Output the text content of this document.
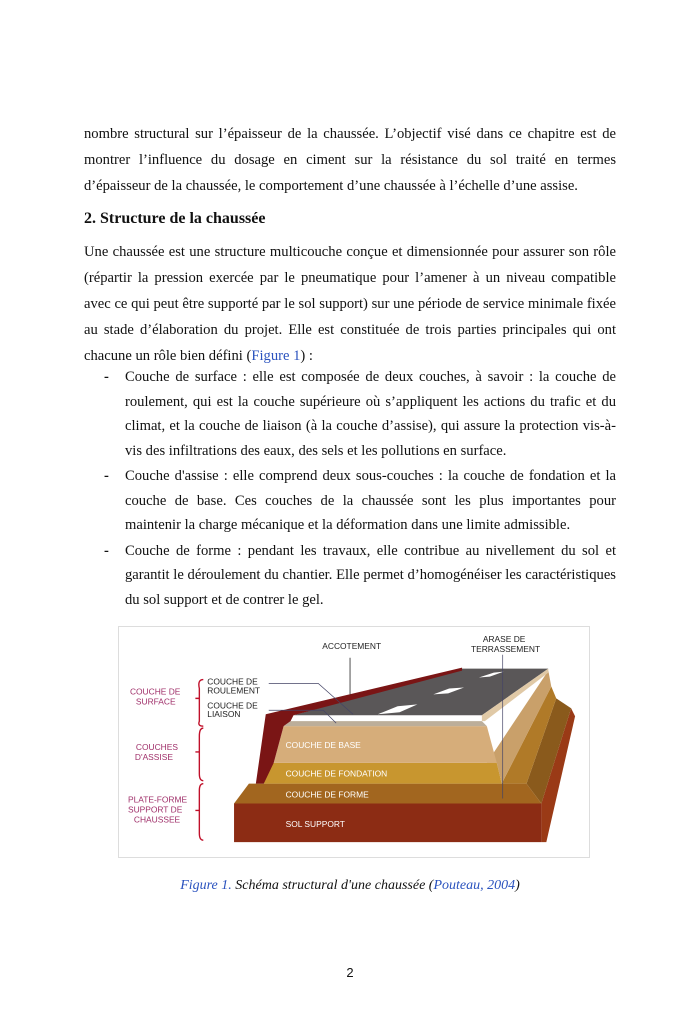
nombre structural sur l’épaisseur de la chaussée. L’objectif visé dans ce chapitre est de montrer l’influence du dosage en ciment sur la résistance du sol traité en termes d’épaisseur de la chaussée, le comportement d’une chaussée à l’échelle d’une assise.

2. Structure de la chaussée

Une chaussée est une structure multicouche conçue et dimensionnée pour assurer son rôle (répartir la pression exercée par le pneumatique pour l’amener à un niveau compatible avec ce qui peut être supporté par le sol support) sur une période de service minimale fixée au stade d’élaboration du projet. Elle est constituée de trois parties principales qui ont chacune un rôle bien défini (Figure 1) :

- Couche de surface : elle est composée de deux couches, à savoir : la couche de roulement, qui est la couche supérieure où s’appliquent les actions du trafic et du climat, et la couche de liaison (à la couche d’assise), qui assure la protection vis-à-vis des infiltrations des eaux, des sels et les pollutions en surface.
- Couche d'assise : elle comprend deux sous-couches : la couche de fondation et la couche de base. Ces couches de la chaussée sont les plus importantes pour maintenir la charge mécanique et la déformation dans une limite admissible.
- Couche de forme : pendant les travaux, elle contribue au nivellement du sol et garantit le déroulement du chantier. Elle permet d’homogénéiser les caractéristiques du sol support et de contrer le gel.
ACCOTEMENT
ARASE DE
TERRASSEMENT
COUCHE DE
ROULEMENT
COUCHE DE
LIAISON
COUCHE DE
SURFACE
COUCHES
D'ASSISE
PLATE-FORME
SUPPORT DE
CHAUSSEE
COUCHE DE BASE
COUCHE DE FONDATION
COUCHE DE FORME
SOL SUPPORT
Figure 1. Schéma structural d'une chaussée (Pouteau, 2004)
2
